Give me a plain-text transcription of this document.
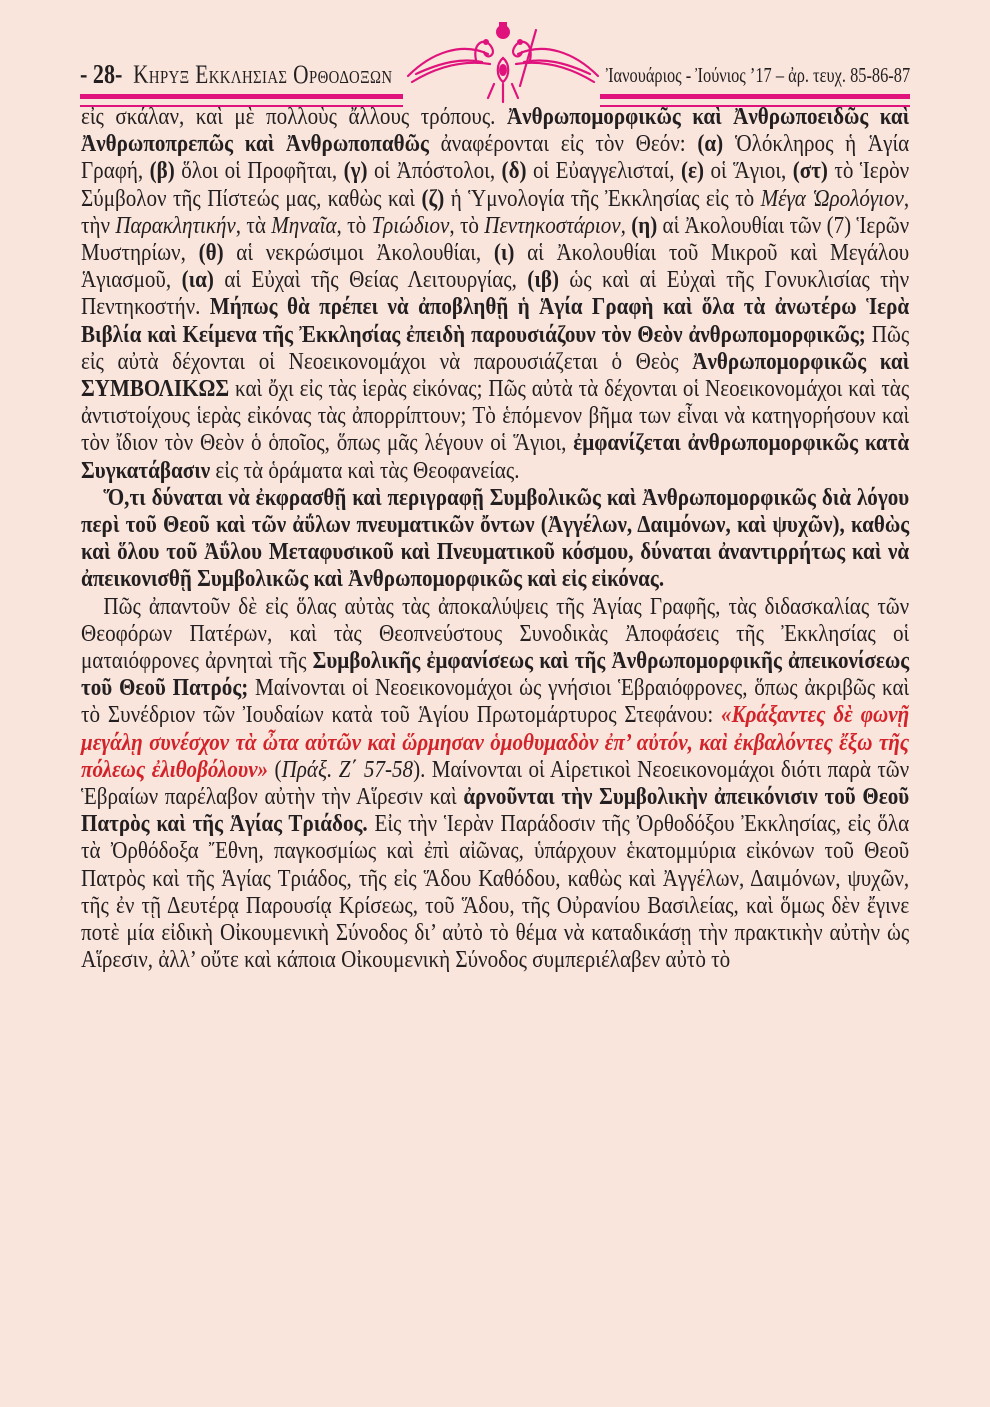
- 28- Κηρυξ Εκκλησιας Ορθοδοξων	Ἰανουάριος - Ἰούνιος ’17 – ἀρ. τευχ. 85-86-87

εἰς σκάλαν, καὶ μὲ πολλοὺς ἄλλους τρόπους. Ἀνθρωπομορφικῶς καὶ Ἀνθρωποειδῶς καὶ Ἀνθρωποπρεπῶς καὶ Ἀνθρωποπαθῶς ἀναφέρονται εἰς τὸν Θεόν: (α) Ὁλόκληρος ἡ Ἁγία Γραφή, (β) ὅλοι οἱ Προφῆται, (γ) οἱ Ἀπόστολοι, (δ) οἱ Εὐαγγελισταί, (ε) οἱ Ἅγιοι, (στ) τὸ Ἱερὸν Σύμβολον τῆς Πίστεώς μας, καθὼς καὶ (ζ) ἡ Ὑμνολογία τῆς Ἐκκλησίας εἰς τὸ Μέγα Ὡρολόγιον, τὴν Παρακλητικήν, τὰ Μηναῖα, τὸ Τριώδιον, τὸ Πεντηκοστάριον, (η) αἱ Ἀκολουθίαι τῶν (7) Ἱερῶν Μυστηρίων, (θ) αἱ νεκρώσιμοι Ἀκολουθίαι, (ι) αἱ Ἀκολουθίαι τοῦ Μικροῦ καὶ Μεγάλου Ἁγιασμοῦ, (ια) αἱ Εὐχαὶ τῆς Θείας Λειτουργίας, (ιβ) ὡς καὶ αἱ Εὐχαὶ τῆς Γονυκλισίας τὴν Πεντηκοστήν. Μήπως θὰ πρέπει νὰ ἀποβληθῇ ἡ Ἁγία Γραφὴ καὶ ὅλα τὰ ἀνωτέρω Ἱερὰ Βιβλία καὶ Κείμενα τῆς Ἐκκλησίας ἐπειδὴ παρουσιάζουν τὸν Θεὸν ἀνθρωπομορφικῶς; Πῶς εἰς αὐτὰ δέχονται οἱ Νεοεικονομάχοι νὰ παρουσιάζεται ὁ Θεὸς Ἀνθρωπομορφικῶς καὶ ΣΥΜΒΟΛΙΚΩΣ καὶ ὄχι εἰς τὰς ἱερὰς εἰκόνας; Πῶς αὐτὰ τὰ δέχονται οἱ Νεοεικονομάχοι καὶ τὰς ἀντιστοίχους ἱερὰς εἰκόνας τὰς ἀπορρίπτουν; Τὸ ἑπόμενον βῆμα των εἶναι νὰ κατηγορήσουν καὶ τὸν ἴδιον τὸν Θεὸν ὁ ὁποῖος, ὅπως μᾶς λέγουν οἱ Ἅγιοι, ἐμφανίζεται ἀνθρωπομορφικῶς κατὰ Συγκατάβασιν εἰς τὰ ὁράματα καὶ τὰς Θεοφανείας.

Ὅ,τι δύναται νὰ ἐκφρασθῇ καὶ περιγραφῇ Συμβολικῶς καὶ Ἀνθρωπομορφικῶς διὰ λόγου περὶ τοῦ Θεοῦ καὶ τῶν ἀΰλων πνευματικῶν ὄντων (Ἀγγέλων, Δαιμόνων, καὶ ψυχῶν), καθὼς καὶ ὅλου τοῦ Ἀΰλου Μεταφυσικοῦ καὶ Πνευματικοῦ κόσμου, δύναται ἀναντιρρήτως καὶ νὰ ἀπεικονισθῇ Συμβολικῶς καὶ Ἀνθρωπομορφικῶς καὶ εἰς εἰκόνας.

Πῶς ἀπαντοῦν δὲ εἰς ὅλας αὐτὰς τὰς ἀποκαλύψεις τῆς Ἁγίας Γραφῆς, τὰς διδασκαλίας τῶν Θεοφόρων Πατέρων, καὶ τὰς Θεοπνεύστους Συνοδικὰς Ἀποφάσεις τῆς Ἐκκλησίας οἱ ματαιόφρονες ἀρνηταὶ τῆς Συμβολικῆς ἐμφανίσεως καὶ τῆς Ἀνθρωπομορφικῆς ἀπεικονίσεως τοῦ Θεοῦ Πατρός; Μαίνονται οἱ Νεοεικονομάχοι ὡς γνήσιοι Ἑβραιόφρονες, ὅπως ἀκριβῶς καὶ τὸ Συνέδριον τῶν Ἰουδαίων κατὰ τοῦ Ἁγίου Πρωτομάρτυρος Στεφάνου: «Κράξαντες δὲ φωνῇ μεγάλῃ συνέσχον τὰ ὦτα αὐτῶν καὶ ὥρμησαν ὁμοθυμαδὸν ἐπ’ αὐτόν, καὶ ἐκβαλόντες ἔξω τῆς πόλεως ἐλιθοβόλουν» (Πράξ. Ζ΄ 57-58). Μαίνονται οἱ Αἱρετικοὶ Νεοεικονομάχοι διότι παρὰ τῶν Ἑβραίων παρέλαβον αὐτὴν τὴν Αἵρεσιν καὶ ἀρνοῦνται τὴν Συμβολικὴν ἀπεικόνισιν τοῦ Θεοῦ Πατρὸς καὶ τῆς Ἁγίας Τριάδος. Εἰς τὴν Ἱερὰν Παράδοσιν τῆς Ὀρθοδόξου Ἐκκλησίας, εἰς ὅλα τὰ Ὀρθόδοξα Ἔθνη, παγκοσμίως καὶ ἐπὶ αἰῶνας, ὑπάρχουν ἑκατομμύρια εἰκόνων τοῦ Θεοῦ Πατρὸς καὶ τῆς Ἁγίας Τριάδος, τῆς εἰς Ἅδου Καθόδου, καθὼς καὶ Ἀγγέλων, Δαιμόνων, ψυχῶν, τῆς ἐν τῇ Δευτέρᾳ Παρουσίᾳ Κρίσεως, τοῦ Ἅδου, τῆς Οὐρανίου Βασιλείας, καὶ ὅμως δὲν ἔγινε ποτὲ μία εἰδικὴ Οἰκουμενικὴ Σύνοδος δι’ αὐτὸ τὸ θέμα νὰ καταδικάσῃ τὴν πρακτικὴν αὐτὴν ὡς Αἵρεσιν, ἀλλ’ οὔτε καὶ κάποια Οἰκουμενικὴ Σύνοδος συμπεριέλαβεν αὐτὸ τὸ
